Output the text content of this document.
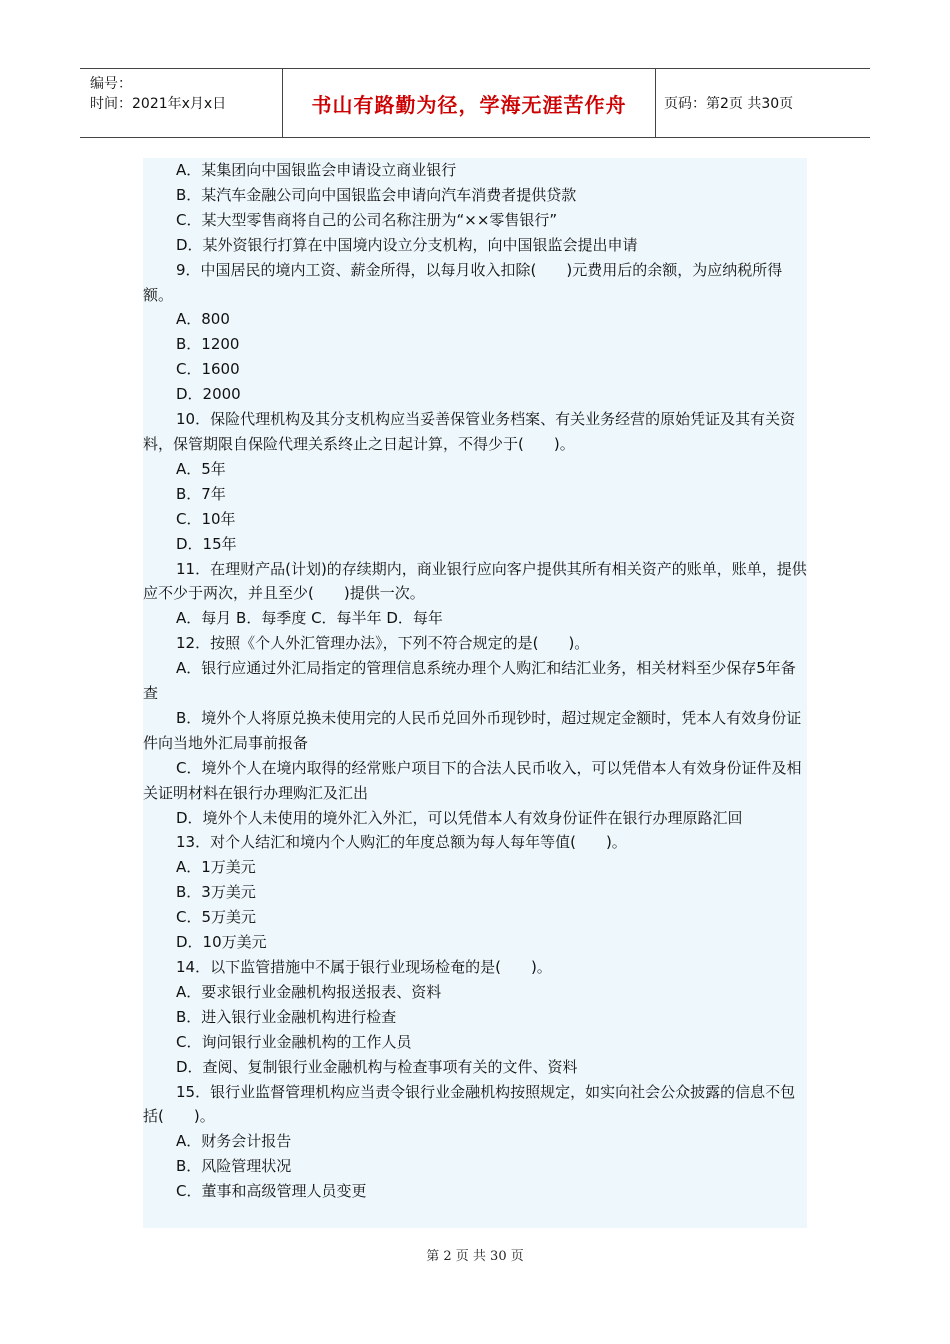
编号：
时间：2021年x月x日	书山有路勤为径，学海无涯苦作舟	页码：第2页 共30页

A．某集团向中国银监会申请设立商业银行

B．某汽车金融公司向中国银监会申请向汽车消费者提供贷款

C．某大型零售商将自己的公司名称注册为“××零售银行”

D．某外资银行打算在中国境内设立分支机构，向中国银监会提出申请

9．中国居民的境内工资、薪金所得，以每月收入扣除(　　)元费用后的余额，为应纳税所得额。

A．800

B．1200

C．1600

D．2000

10．保险代理机构及其分支机构应当妥善保管业务档案、有关业务经营的原始凭证及其有关资料，保管期限自保险代理关系终止之日起计算，不得少于(　　)。

A．5年

B．7年

C．10年

D．15年

11．在理财产品(计划)的存续期内，商业银行应向客户提供其所有相关资产的账单，账单，提供应不少于两次，并且至少(　　)提供一次。

A．每月 B．每季度 C．每半年 D．每年

12．按照《个人外汇管理办法》，下列不符合规定的是(　　)。

A．银行应通过外汇局指定的管理信息系统办理个人购汇和结汇业务，相关材料至少保存5年备查

B．境外个人将原兑换未使用完的人民币兑回外币现钞时，超过规定金额时，凭本人有效身份证件向当地外汇局事前报备

C．境外个人在境内取得的经常账户项目下的合法人民币收入，可以凭借本人有效身份证件及相关证明材料在银行办理购汇及汇出

D．境外个人未使用的境外汇入外汇，可以凭借本人有效身份证件在银行办理原路汇回

13．对个人结汇和境内个人购汇的年度总额为每人每年等值(　　)。

A．1万美元

B．3万美元

C．5万美元

D．10万美元

14．以下监管措施中不属于银行业现场检奄的是(　　)。

A．要求银行业金融机构报送报表、资料

B．进入银行业金融机构进行检查

C．询问银行业金融机构的工作人员

D．查阅、复制银行业金融机构与检查事项有关的文件、资料

15．银行业监督管理机构应当责令银行业金融机构按照规定，如实向社会公众披露的信息不包括(　　)。

A．财务会计报告

B．风险管理状况

C．董事和高级管理人员变更

第 2 页 共 30 页
